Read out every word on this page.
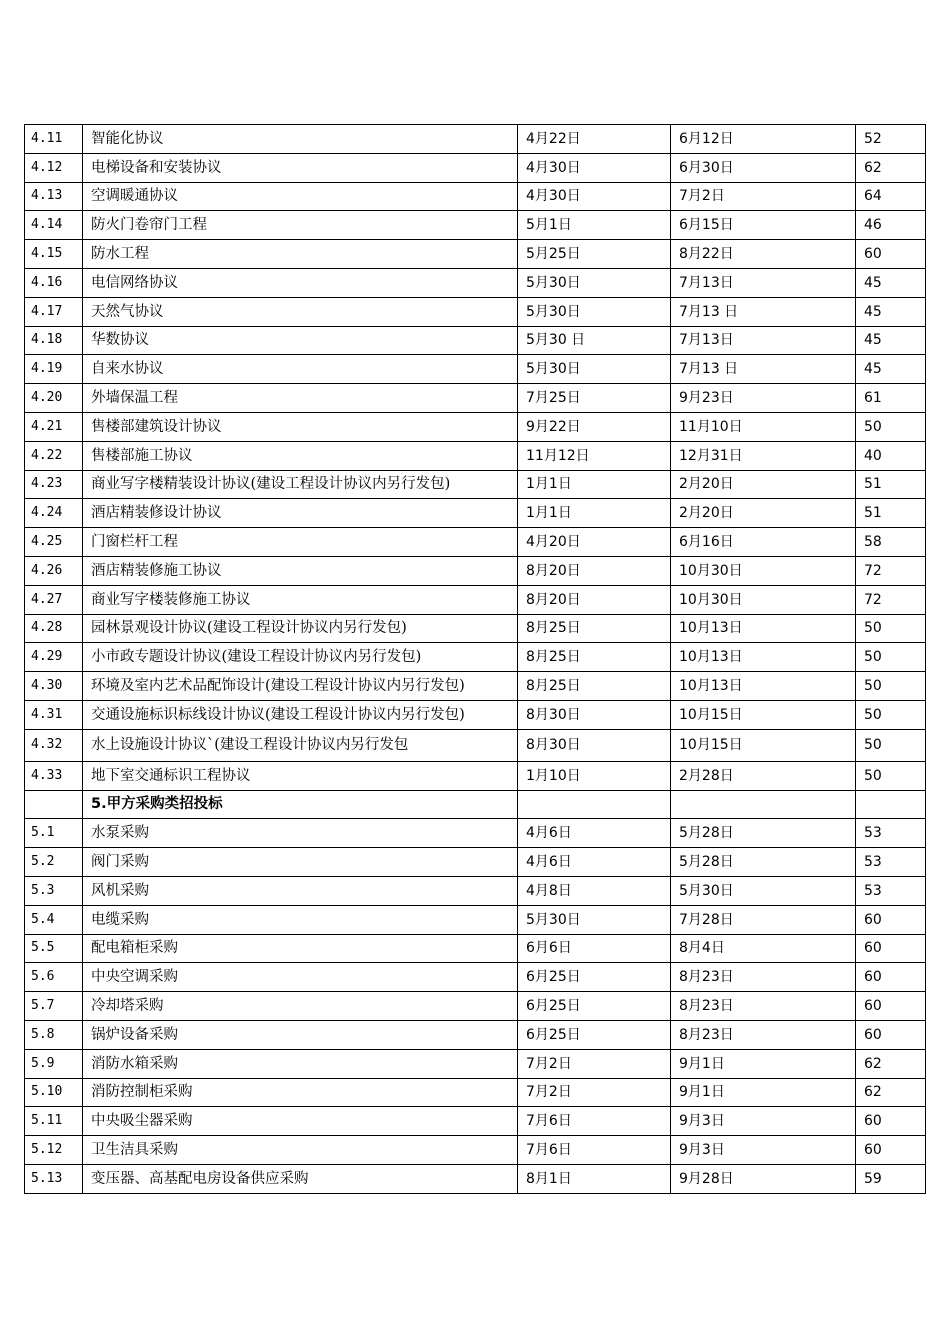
4.11	智能化协议	4月22日	6月12日	52
4.12	电梯设备和安装协议	4月30日	6月30日	62
4.13	空调暖通协议	4月30日	7月2日	64
4.14	防火门卷帘门工程	5月1日	6月15日	46
4.15	防水工程	5月25日	8月22日	60
4.16	电信网络协议	5月30日	7月13日	45
4.17	天然气协议	5月30日	7月13 日	45
4.18	华数协议	5月30 日	7月13日	45
4.19	自来水协议	5月30日	7月13 日	45
4.20	外墙保温工程	7月25日	9月23日	61
4.21	售楼部建筑设计协议	9月22日	11月10日	50
4.22	售楼部施工协议	11月12日	12月31日	40
4.23	商业写字楼精装设计协议(建设工程设计协议内另行发包)	1月1日	2月20日	51
4.24	酒店精装修设计协议	1月1日	2月20日	51
4.25	门窗栏杆工程	4月20日	6月16日	58
4.26	酒店精装修施工协议	8月20日	10月30日	72
4.27	商业写字楼装修施工协议	8月20日	10月30日	72
4.28	园林景观设计协议(建设工程设计协议内另行发包)	8月25日	10月13日	50
4.29	小市政专题设计协议(建设工程设计协议内另行发包)	8月25日	10月13日	50
4.30	环境及室内艺术品配饰设计(建设工程设计协议内另行发包)	8月25日	10月13日	50
4.31	交通设施标识标线设计协议(建设工程设计协议内另行发包)	8月30日	10月15日	50
4.32	水上设施设计协议`(建设工程设计协议内另行发包	8月30日	10月15日	50
4.33	地下室交通标识工程协议	1月10日	2月28日	50
	5.甲方采购类招投标			
5.1	水泵采购	4月6日	5月28日	53
5.2	阀门采购	4月6日	5月28日	53
5.3	风机采购	4月8日	5月30日	53
5.4	电缆采购	5月30日	7月28日	60
5.5	配电箱柜采购	6月6日	8月4日	60
5.6	中央空调采购	6月25日	8月23日	60
5.7	冷却塔采购	6月25日	8月23日	60
5.8	锅炉设备采购	6月25日	8月23日	60
5.9	消防水箱采购	7月2日	9月1日	62
5.10	消防控制柜采购	7月2日	9月1日	62
5.11	中央吸尘器采购	7月6日	9月3日	60
5.12	卫生洁具采购	7月6日	9月3日	60
5.13	变压器、高基配电房设备供应采购	8月1日	9月28日	59
